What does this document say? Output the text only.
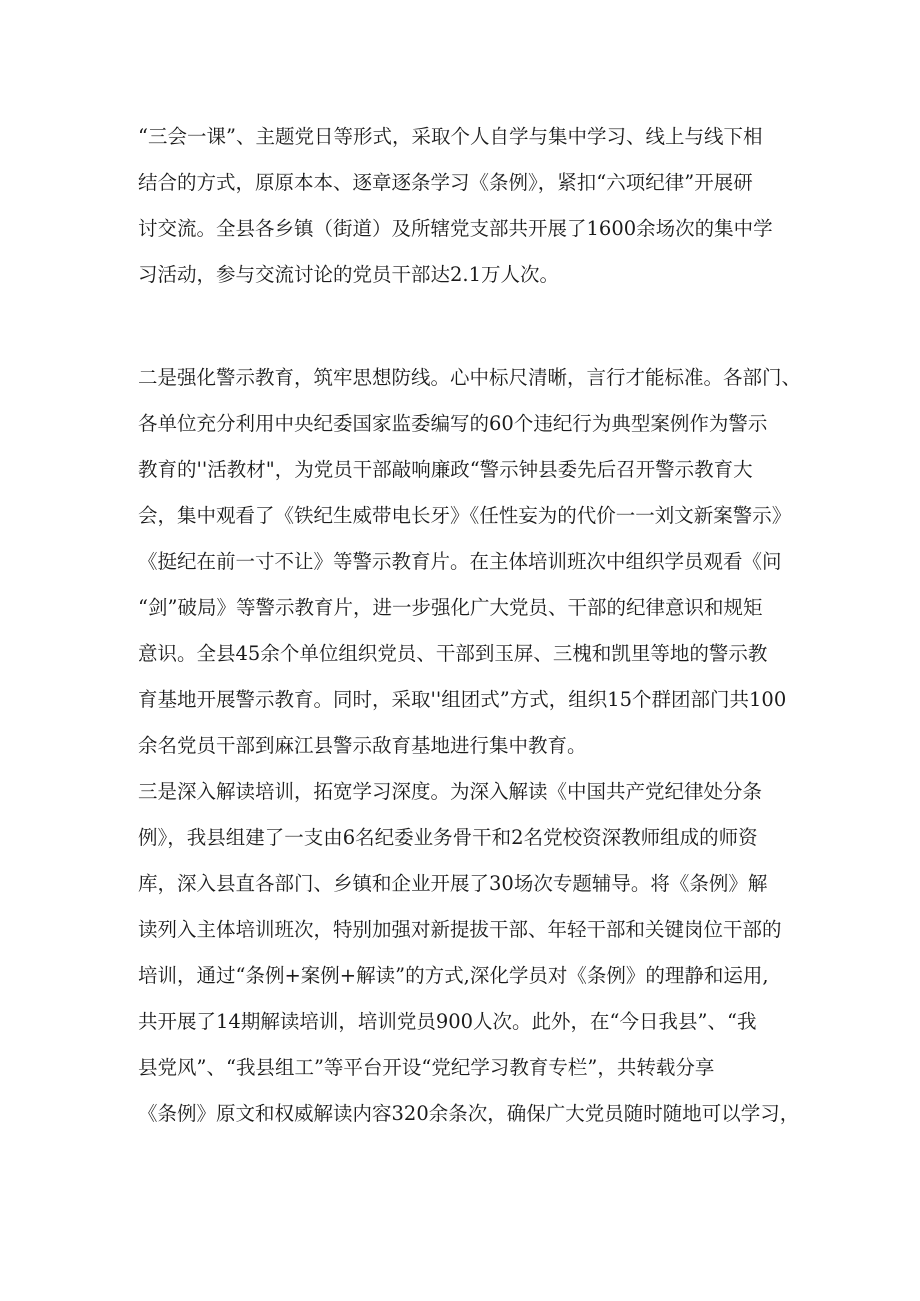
“三会一课”、主题党日等形式，采取个人自学与集中学习、线上与线下相
结合的方式，原原本本、逐章逐条学习《条例》，紧扣“六项纪律”开展研
讨交流。全县各乡镇（街道）及所辖党支部共开展了1600余场次的集中学
习活动，参与交流讨论的党员干部达2.1万人次。
二是强化警示教育，筑牢思想防线。心中标尺清晰，言行才能标准。各部门、
各单位充分利用中央纪委国家监委编写的60个违纪行为典型案例作为警示
教育的''活教材"，为党员干部敲响廉政“警示钟县委先后召开警示教育大
会，集中观看了《铁纪生威带电长牙》《任性妄为的代价一一刘文新案警示》
《挺纪在前一寸不让》等警示教育片。在主体培训班次中组织学员观看《问
“剑”破局》等警示教育片，进一步强化广大党员、干部的纪律意识和规矩
意识。全县45余个单位组织党员、干部到玉屏、三槐和凯里等地的警示教
育基地开展警示教育。同时，采取''组团式”方式，组织15个群团部门共100
余名党员干部到麻江县警示敌育基地进行集中教育。
三是深入解读培训，拓宽学习深度。为深入解读《中国共产党纪律处分条
例》，我县组建了一支由6名纪委业务骨干和2名党校资深教师组成的师资
库，深入县直各部门、乡镇和企业开展了30场次专题辅导。将《条例》解
读列入主体培训班次，特别加强对新提拔干部、年轻干部和关键岗位干部的
培训，通过“条例+案例+解读”的方式,深化学员对《条例》的理静和运用,
共开展了14期解读培训，培训党员900人次。此外，在“今日我县”、“我
县党风”、“我县组工”等平台开设“党纪学习教育专栏”，共转载分享
《条例》原文和权威解读内容320余条次，确保广大党员随时随地可以学习，
